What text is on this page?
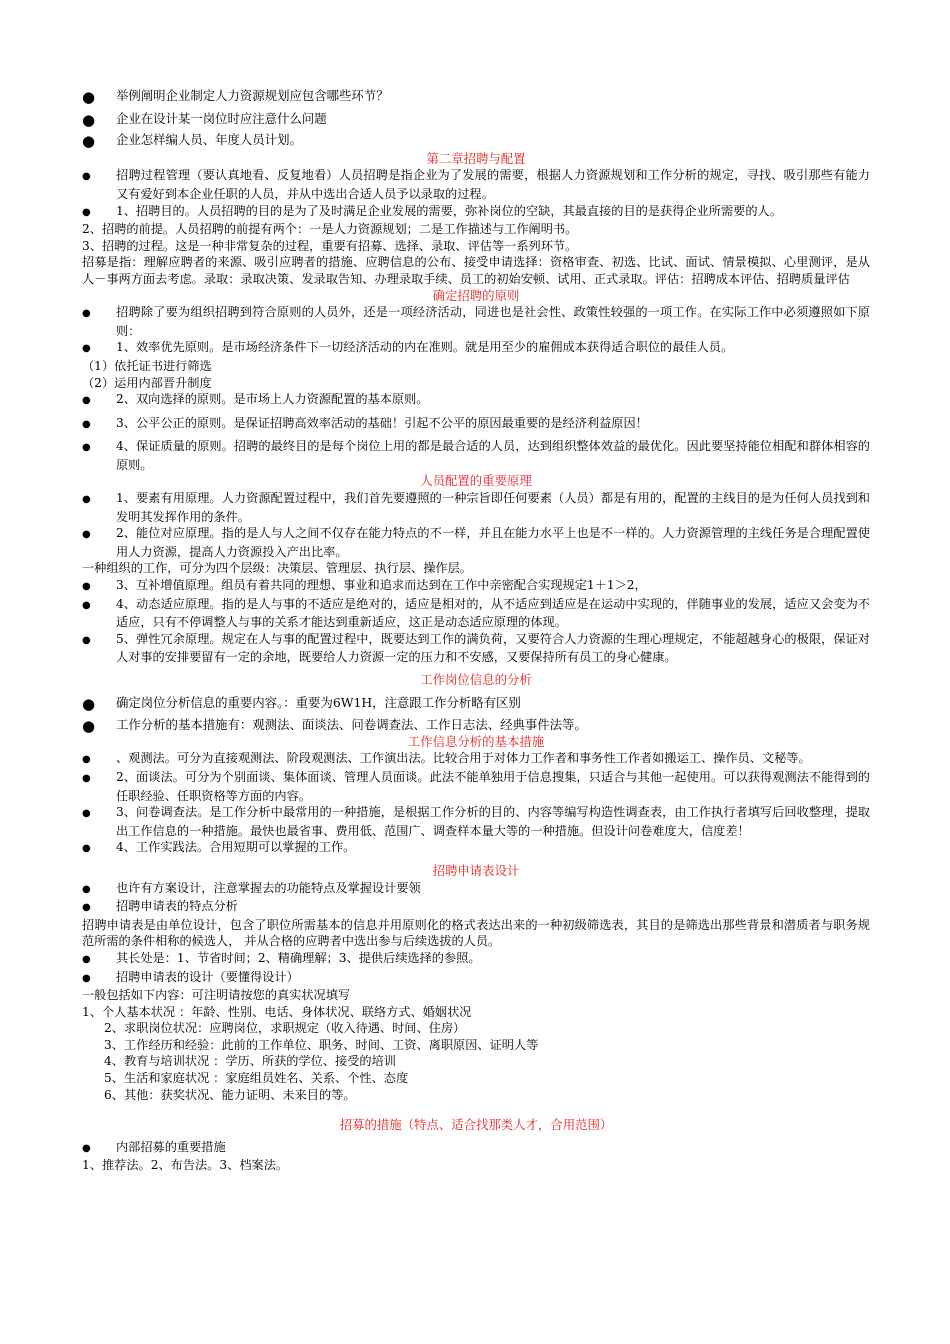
● 举例阐明企业制定人力资源规划应包含哪些环节？

● 企业在设计某一岗位时应注意什么问题

● 企业怎样编人员、年度人员计划。

第二章招聘与配置

● 招聘过程管理（要认真地看、反复地看）人员招聘是指企业为了发展的需要，根据人力资源规划和工作分析的规定，寻找、吸引那些有能力又有爱好到本企业任职的人员，并从中选出合适人员予以录取的过程。

● 1、招聘目的。人员招聘的目的是为了及时满足企业发展的需要，弥补岗位的空缺，其最直接的目的是获得企业所需要的人。

2、招聘的前提。人员招聘的前提有两个：一是人力资源规划；二是工作描述与工作阐明书。

3、招聘的过程。这是一种非常复杂的过程，重要有招募、选择、录取、评估等一系列环节。

招募是指：理解应聘者的来源、吸引应聘者的措施、应聘信息的公布、接受申请选择：资格审查、初选、比试、面试、情景模拟、心里测评，是从人－事两方面去考虑。录取：录取决策、发录取告知、办理录取手续、员工的初始安顿、试用、正式录取。评估：招聘成本评估、招聘质量评估

确定招聘的原则

● 招聘除了要为组织招聘到符合原则的人员外，还是一项经济活动，同进也是社会性、政策性较强的一项工作。在实际工作中必须遵照如下原则：

● 1、效率优先原则。是市场经济条件下一切经济活动的内在准则。就是用至少的雇佣成本获得适合职位的最佳人员。

（1）依托证书进行筛选

（2）运用内部晋升制度

● 2、双向选择的原则。是市场上人力资源配置的基本原则。

● 3、公平公正的原则。是保证招聘高效率活动的基础！引起不公平的原因最重要的是经济利益原因！

● 4、保证质量的原则。招聘的最终目的是每个岗位上用的都是最合适的人员，达到组织整体效益的最优化。因此要坚持能位相配和群体相容的原则。

人员配置的重要原理

● 1、要素有用原理。人力资源配置过程中，我们首先要遵照的一种宗旨即任何要素（人员）都是有用的，配置的主线目的是为任何人员找到和发明其发挥作用的条件。

● 2、能位对应原理。指的是人与人之间不仅存在能力特点的不一样，并且在能力水平上也是不一样的。人力资源管理的主线任务是合理配置使用人力资源，提高人力资源投入产出比率。

一种组织的工作，可分为四个层级：决策层、管理层、执行层、操作层。

● 3、互补增值原理。组员有着共同的理想、事业和追求而达到在工作中亲密配合实现规定1＋1＞2，

● 4、动态适应原理。指的是人与事的不适应是绝对的，适应是相对的，从不适应到适应是在运动中实现的，伴随事业的发展，适应又会变为不适应，只有不停调整人与事的关系才能达到重新适应，这正是动态适应原理的体现。

● 5、弹性冗余原理。规定在人与事的配置过程中，既要达到工作的满负荷，又要符合人力资源的生理心理规定，不能超越身心的极限，保证对人对事的安排要留有一定的余地，既要给人力资源一定的压力和不安感，又要保持所有员工的身心健康。

工作岗位信息的分析

● 确定岗位分析信息的重要内容。：重要为6W1H，注意跟工作分析略有区别

● 工作分析的基本措施有：观测法、面谈法、问卷调查法、工作日志法、经典事件法等。

工作信息分析的基本措施

● 、观测法。可分为直接观测法、阶段观测法、工作演出法。比较合用于对体力工作者和事务性工作者如搬运工、操作员、文秘等。

● 2、面谈法。可分为个别面谈、集体面谈、管理人员面谈。此法不能单独用于信息搜集，只适合与其他一起使用。可以获得观测法不能得到的任职经验、任职资格等方面的内容。

● 3、问卷调查法。是工作分析中最常用的一种措施，是根据工作分析的目的、内容等编写构造性调查表，由工作执行者填写后回收整理，提取出工作信息的一种措施。最快也最省事、费用低、范围广、调查样本量大等的一种措施。但设计问卷难度大，信度差！

● 4、工作实践法。合用短期可以掌握的工作。

招聘申请表设计

● 也许有方案设计，注意掌握去的功能特点及掌握设计要领

● 招聘申请表的特点分析

招聘申请表是由单位设计，包含了职位所需基本的信息并用原则化的格式表达出来的一种初级筛选表，其目的是筛选出那些背景和潜质者与职务规范所需的条件相称的候选人， 并从合格的应聘者中选出参与后续选拔的人员。

● 其长处是：1、节省时间；2、精确理解；3、提供后续选择的参照。

● 招聘申请表的设计（要懂得设计）

一般包括如下内容：可注明请按您的真实状况填写

1、个人基本状况 ：年龄、性别、电话、身体状况、联络方式、婚姻状况

2、求职岗位状况：应聘岗位，求职规定（收入待遇、时间、住房）

3、工作经历和经验：此前的工作单位、职务、时间、工资、离职原因、证明人等

4、教育与培训状况 ：学历、所获的学位、接受的培训

5、生活和家庭状况 ：家庭组员姓名、关系、个性、态度

6、其他：获奖状况、能力证明、未来目的等。

招募的措施（特点、适合找那类人才，合用范围）

● 内部招募的重要措施

1、推荐法。2、布告法。3、档案法。
